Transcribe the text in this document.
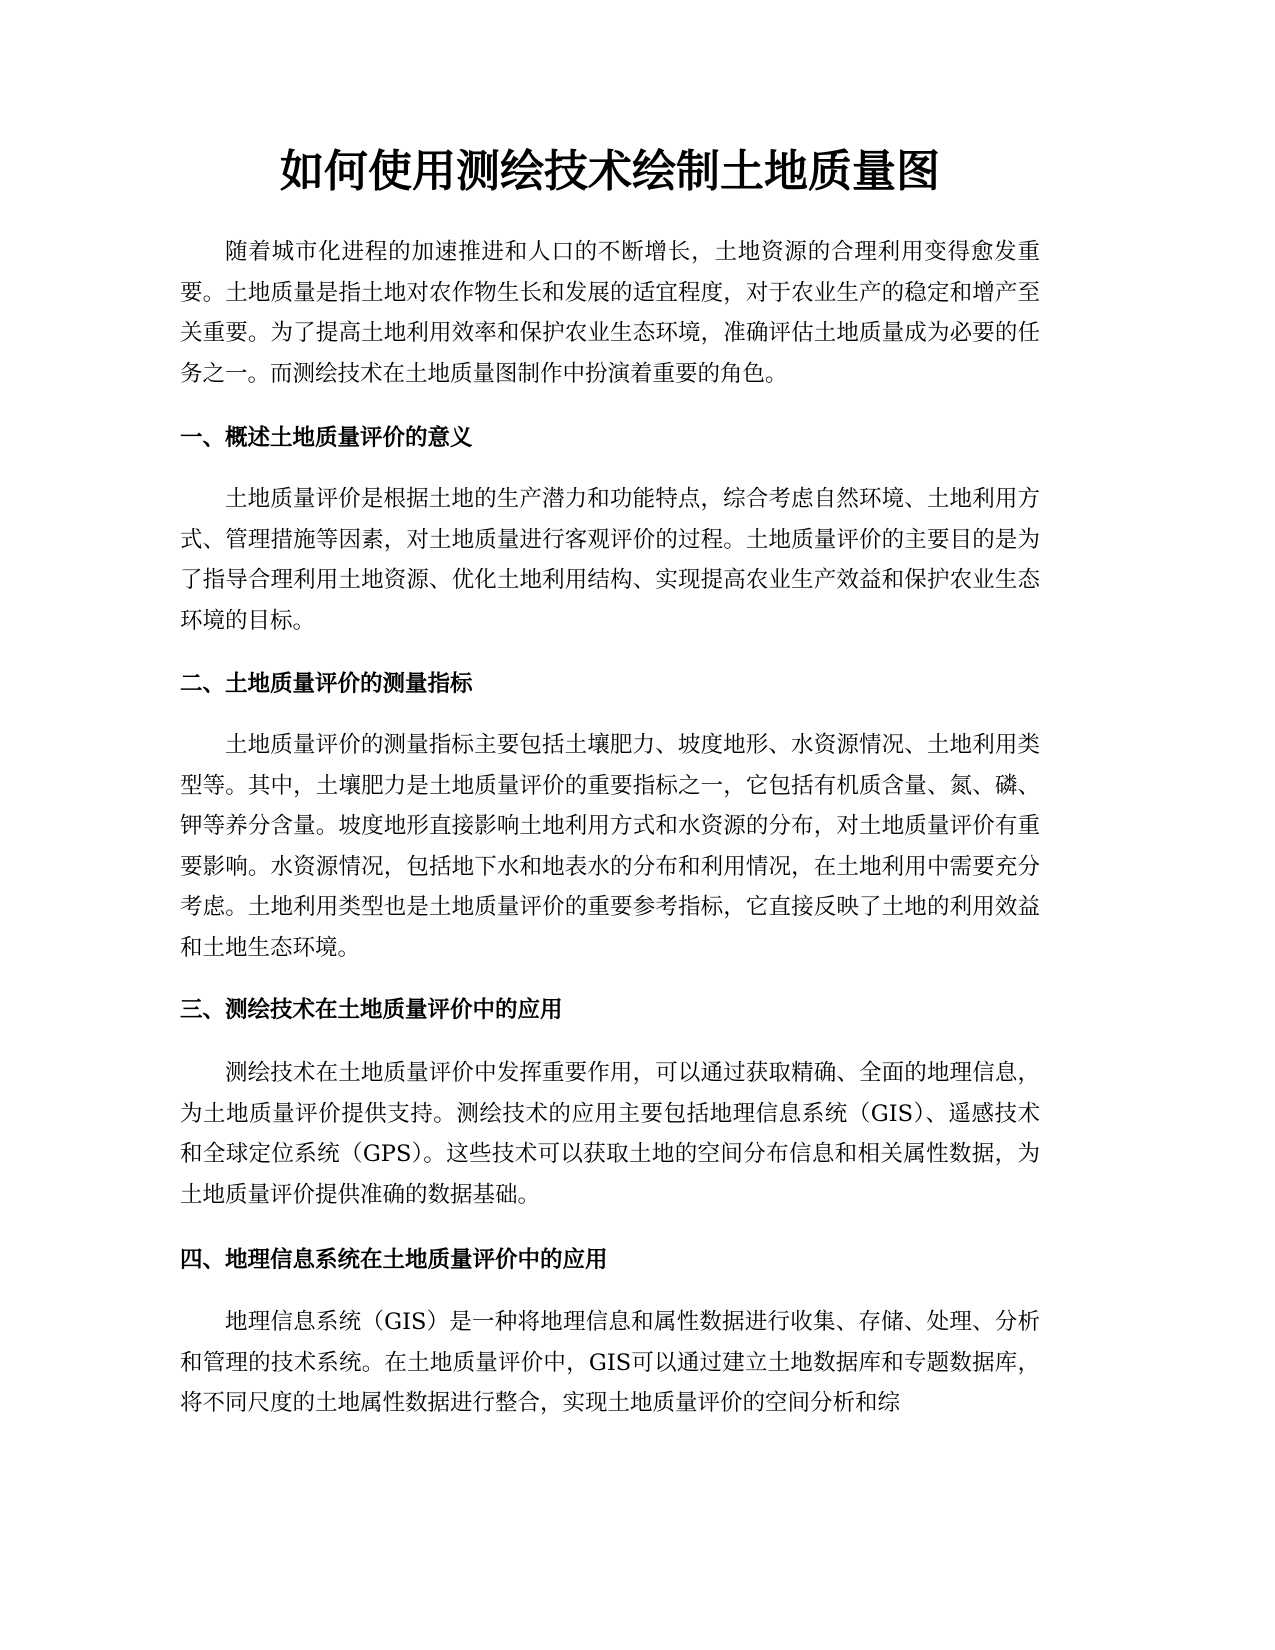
如何使用测绘技术绘制土地质量图

随着城市化进程的加速推进和人口的不断增长，土地资源的合理利用变得愈发重要。土地质量是指土地对农作物生长和发展的适宜程度，对于农业生产的稳定和增产至关重要。为了提高土地利用效率和保护农业生态环境，准确评估土地质量成为必要的任务之一。而测绘技术在土地质量图制作中扮演着重要的角色。

一、概述土地质量评价的意义

土地质量评价是根据土地的生产潜力和功能特点，综合考虑自然环境、土地利用方式、管理措施等因素，对土地质量进行客观评价的过程。土地质量评价的主要目的是为了指导合理利用土地资源、优化土地利用结构、实现提高农业生产效益和保护农业生态环境的目标。

二、土地质量评价的测量指标

土地质量评价的测量指标主要包括土壤肥力、坡度地形、水资源情况、土地利用类型等。其中，土壤肥力是土地质量评价的重要指标之一，它包括有机质含量、氮、磷、钾等养分含量。坡度地形直接影响土地利用方式和水资源的分布，对土地质量评价有重要影响。水资源情况，包括地下水和地表水的分布和利用情况，在土地利用中需要充分考虑。土地利用类型也是土地质量评价的重要参考指标，它直接反映了土地的利用效益和土地生态环境。

三、测绘技术在土地质量评价中的应用

测绘技术在土地质量评价中发挥重要作用，可以通过获取精确、全面的地理信息，为土地质量评价提供支持。测绘技术的应用主要包括地理信息系统（GIS）、遥感技术和全球定位系统（GPS）。这些技术可以获取土地的空间分布信息和相关属性数据，为土地质量评价提供准确的数据基础。

四、地理信息系统在土地质量评价中的应用

地理信息系统（GIS）是一种将地理信息和属性数据进行收集、存储、处理、分析和管理的技术系统。在土地质量评价中，GIS可以通过建立土地数据库和专题数据库，将不同尺度的土地属性数据进行整合，实现土地质量评价的空间分析和综
